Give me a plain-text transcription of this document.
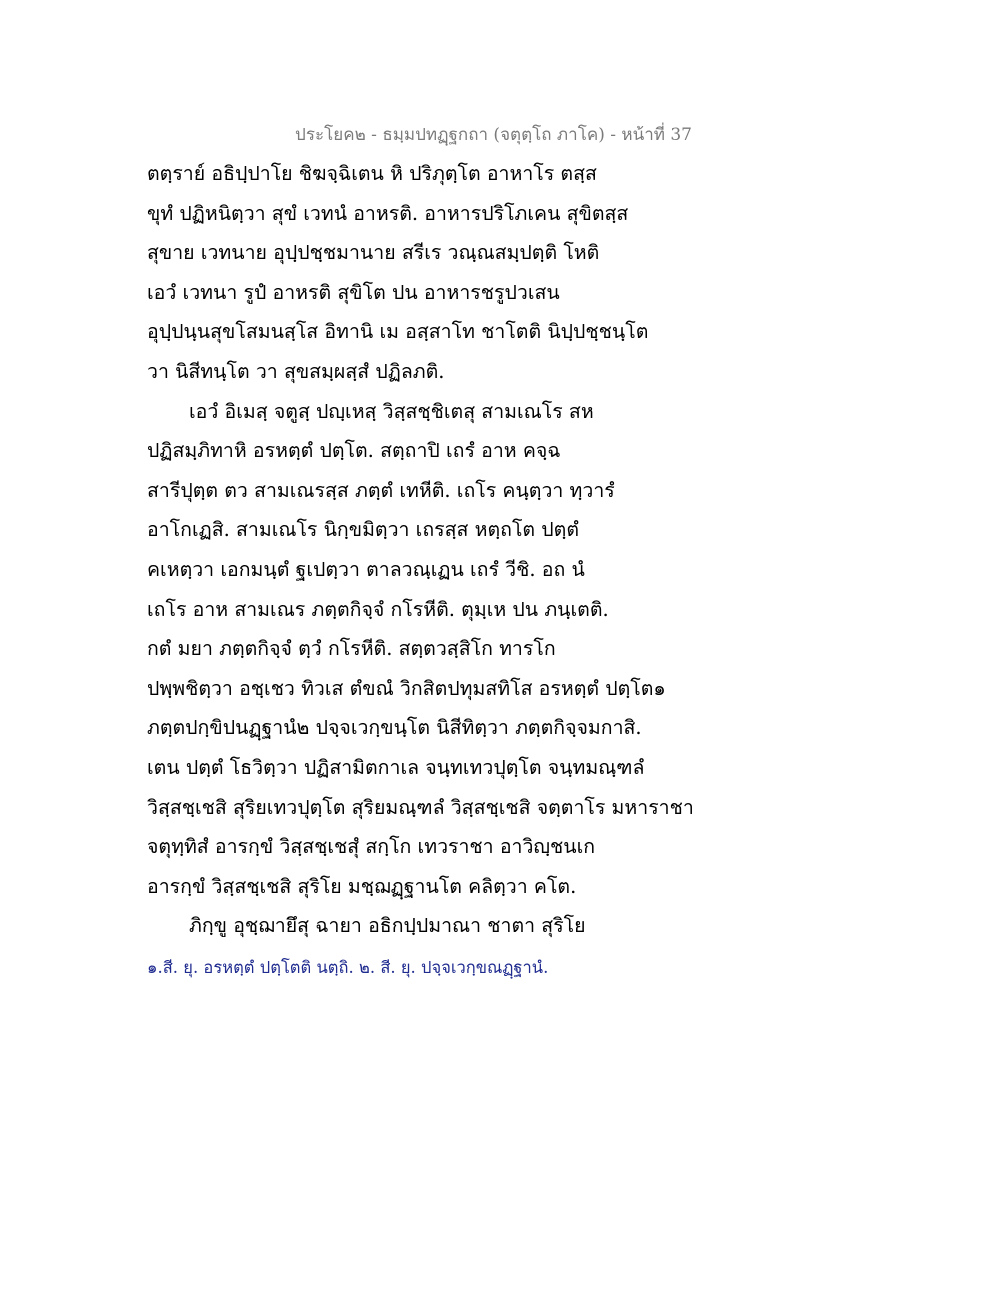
ประโยค๒ - ธมฺมปทฏฺฐกถา (จตุตฺโถ ภาโค) - หน้าที่ 37
ตตฺราย์ อธิปฺปาโย ชิฆจฺฉิเตน หิ ปริภุตฺโต อาหาโร ตสฺส
ขุทํ ปฏิหนิตฺวา สุขํ เวทนํ อาหรติ. อาหารปริโภเคน สุขิตสฺส
สุขาย เวทนาย อุปฺปชฺชมานาย สรีเร วณฺณสมฺปตฺติ โหติ
เอวํ เวทนา รูปํ อาหรติ สุขิโต ปน อาหารชรูปวเสน
อุปฺปนฺนสุขโสมนสฺโส อิทานิ เม อสฺสาโท ชาโตติ นิปฺปชฺชนฺโต
วา นิสีทนฺโต วา สุขสมฺผสฺสํ ปฏิลภติ.
เอวํ อิเมสฺ จตูสฺ ปญฺเหสฺ วิสฺสชฺชิเตสุ สามเณโร สห
ปฏิสมฺภิทาหิ อรหตฺตํ ปตฺโต. สตฺถาปิ เถรํ อาห คจฺฉ
สารีปุตฺต ตว สามเณรสฺส ภตฺตํ เทหีติ. เถโร คนฺตฺวา ทฺวารํ
อาโกเฏสิ. สามเณโร นิกฺขมิตฺวา เถรสฺส หตฺถโต ปตฺตํ
คเหตฺวา เอกมนฺตํ ฐเปตฺวา ตาลวณฺเฏน เถรํ วีชิ. อถ นํ
เถโร อาห สามเณร ภตฺตกิจฺจํ กโรหีติ. ตุมฺเห ปน ภนฺเตติ.
กตํ มยา ภตฺตกิจฺจํ ตฺวํ กโรหีติ. สตฺตวสฺสิโก ทารโก
ปพฺพชิตฺวา อชฺเชว ทิวเส ตํขณํ วิกสิตปทุมสทิโส อรหตฺตํ ปตฺโต๑
ภตฺตปกฺขิปนฏฺฐานํ๒ ปจฺจเวกฺขนฺโต นิสีทิตฺวา ภตฺตกิจฺจมกาสิ.
เตน ปตฺตํ โธวิตฺวา ปฏิสามิตกาเล จนฺทเทวปุตฺโต จนฺทมณฺฑลํ
วิสฺสชฺเชสิ สุริยเทวปุตฺโต สุริยมณฺฑลํ วิสฺสชฺเชสิ จตฺตาโร มหาราชา
จตุทฺทิสํ อารกฺขํ วิสฺสชฺเชสุํ สกฺโก เทวราชา อาวิญฺชนเก
อารกฺขํ วิสฺสชฺเชสิ สุริโย มชฺฌฏฺฐานโต คลิตฺวา คโต.
ภิกฺขู อุชฺฌายึสุ ฉายา อธิกปฺปมาณา ชาตา สุริโย
๑.สี. ยุ. อรหตฺตํ ปตฺโตติ นตฺถิ. ๒. สี. ยุ. ปจฺจเวกฺขณฏฺฐานํ.
